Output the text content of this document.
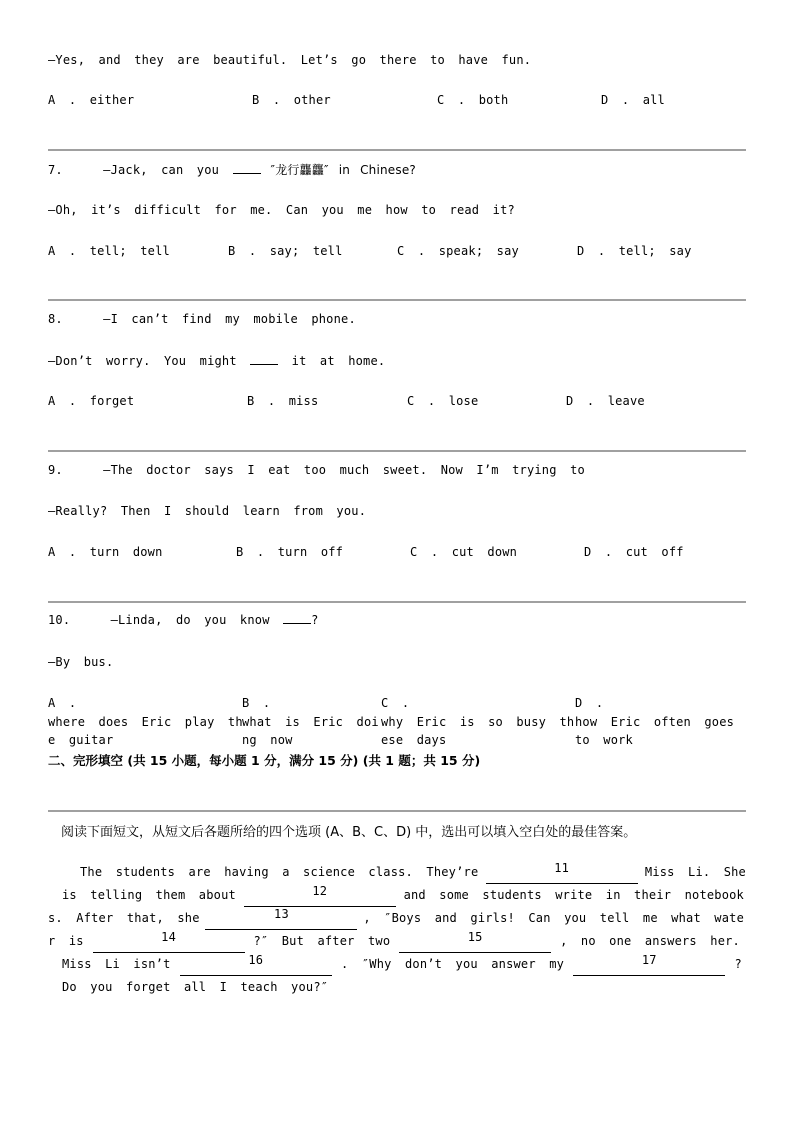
—Yes, and they are beautiful. Let’s go there to have fun.
A . either	B . other	C . both	D . all
7.	—Jack, can you	″龙行龘龘″ in Chinese?
—Oh, it’s difficult for me. Can you me how to read it?
A . tell; tell	B . say; tell	C . speak; say	D . tell; say
8.	—I can’t find my mobile phone.
—Don’t worry. You might	it at home.
A . forget	B . miss	C . lose	D . leave
9.	—The doctor says I eat too much sweet. Now I’m trying to
—Really? Then I should learn from you.
A . turn down	B . turn off	C . cut down	D . cut off
10.	—Linda, do you know	?
—By bus.
A .
where does Eric play th
e guitar
B .
what is Eric doi
ng now
C .
why Eric is so busy th
ese days
D .
how Eric often goes
to work
二、完形填空 (共 15 小题，每小题 1 分，满分 15 分) (共 1 题；共 15 分)
阅读下面短文，从短文后各题所给的四个选项 (A、B、C、D) 中，选出可以填入空白处的最佳答案。
The students are having a science class. They’re	11	Miss Li. She
is telling them about	12	and some students write in their notebook
s. After that, she	13	, ″Boys and girls! Can you tell me what wate
r is	14	?″ But after two	15	, no one answers her.
Miss Li isn’t	16	. ″Why don’t you answer my	17	?
Do you forget all I teach you?″
